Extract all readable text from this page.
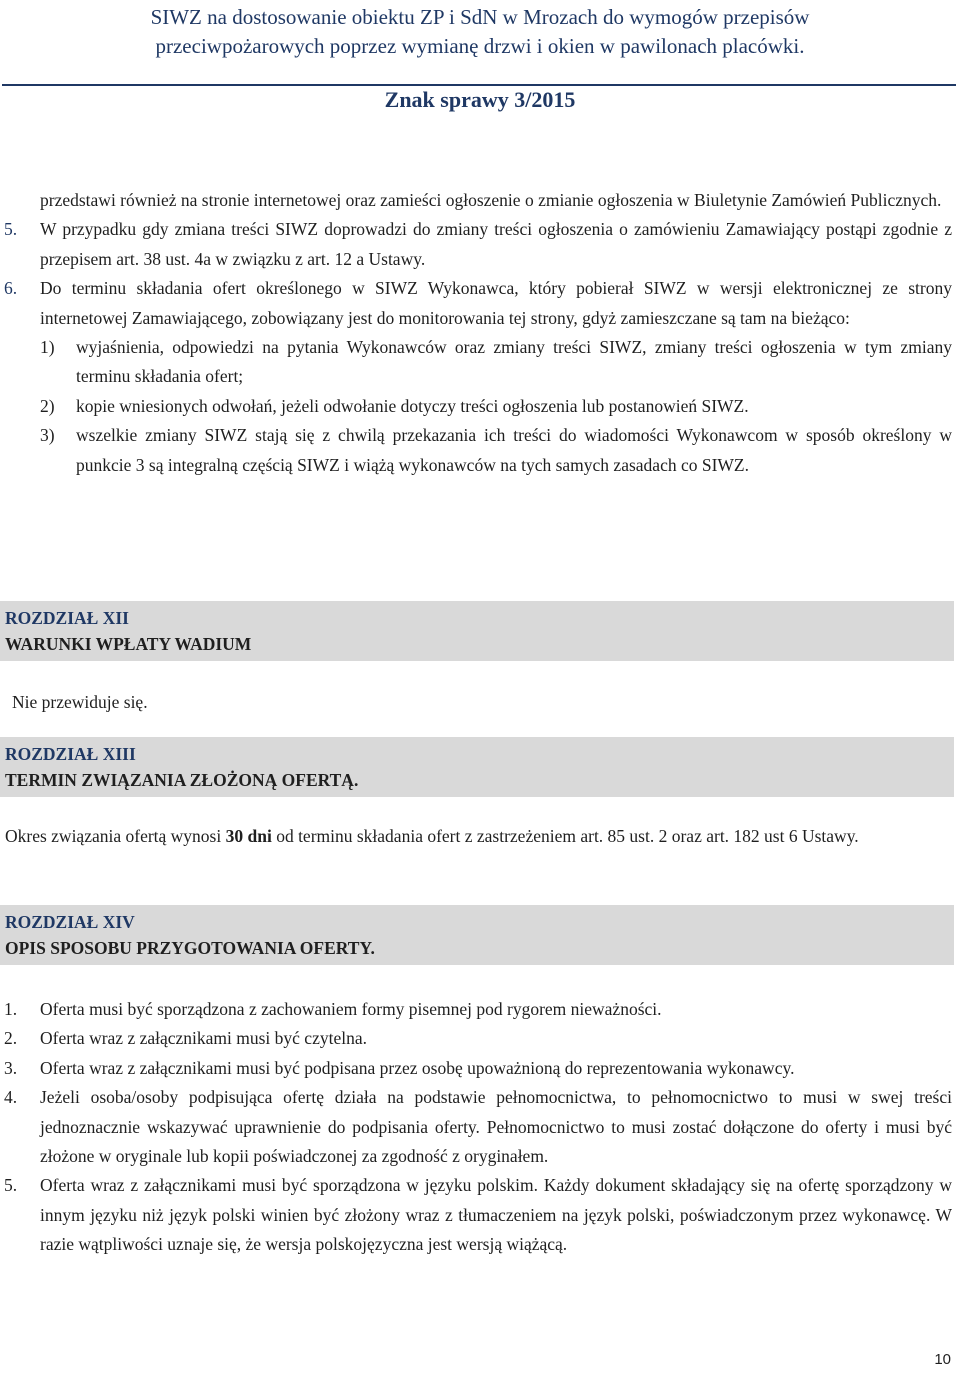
SIWZ na dostosowanie obiektu ZP i SdN w Mrozach do wymogów przepisów
przeciwpożarowych poprzez wymianę drzwi i okien w pawilonach placówki.
Znak sprawy 3/2015
przedstawi również na stronie internetowej oraz zamieści ogłoszenie o zmianie ogłoszenia w Biuletynie Zamówień Publicznych.
5. W przypadku gdy zmiana treści SIWZ doprowadzi do zmiany treści ogłoszenia o zamówieniu Zamawiający postąpi zgodnie z przepisem art. 38 ust. 4a w związku z art. 12 a Ustawy.
6. Do terminu składania ofert określonego w SIWZ Wykonawca, który pobierał SIWZ w wersji elektronicznej ze strony internetowej Zamawiającego, zobowiązany jest do monitorowania tej strony, gdyż zamieszczane są tam na bieżąco:
1) wyjaśnienia, odpowiedzi na pytania Wykonawców oraz zmiany treści SIWZ, zmiany treści ogłoszenia w tym zmiany terminu składania ofert;
2) kopie wniesionych odwołań, jeżeli odwołanie dotyczy treści ogłoszenia lub postanowień SIWZ.
3) wszelkie zmiany SIWZ stają się z chwilą przekazania ich treści do wiadomości Wykonawcom w sposób określony w punkcie 3 są integralną częścią SIWZ i wiążą wykonawców na tych samych zasadach co SIWZ.
ROZDZIAŁ XII
WARUNKI WPŁATY WADIUM
Nie przewiduje się.
ROZDZIAŁ XIII
TERMIN ZWIĄZANIA ZŁOŻONĄ OFERTĄ.
Okres związania ofertą wynosi 30 dni od terminu składania ofert z zastrzeżeniem art. 85 ust. 2 oraz art. 182 ust 6 Ustawy.
ROZDZIAŁ XIV
OPIS SPOSOBU PRZYGOTOWANIA OFERTY.
1. Oferta musi być sporządzona z zachowaniem formy pisemnej pod rygorem nieważności.
2. Oferta wraz z załącznikami musi być czytelna.
3. Oferta wraz z załącznikami musi być podpisana przez osobę upoważnioną do reprezentowania wykonawcy.
4. Jeżeli osoba/osoby podpisująca ofertę działa na podstawie pełnomocnictwa, to pełnomocnictwo to musi w swej treści jednoznacznie wskazywać uprawnienie do podpisania oferty. Pełnomocnictwo to musi zostać dołączone do oferty i musi być złożone w oryginale lub kopii poświadczonej za zgodność z oryginałem.
5. Oferta wraz z załącznikami musi być sporządzona w języku polskim. Każdy dokument składający się na ofertę sporządzony w innym języku niż język polski winien być złożony wraz z tłumaczeniem na język polski, poświadczonym przez wykonawcę. W razie wątpliwości uznaje się, że wersja polskojęzyczna jest wersją wiążącą.
10
